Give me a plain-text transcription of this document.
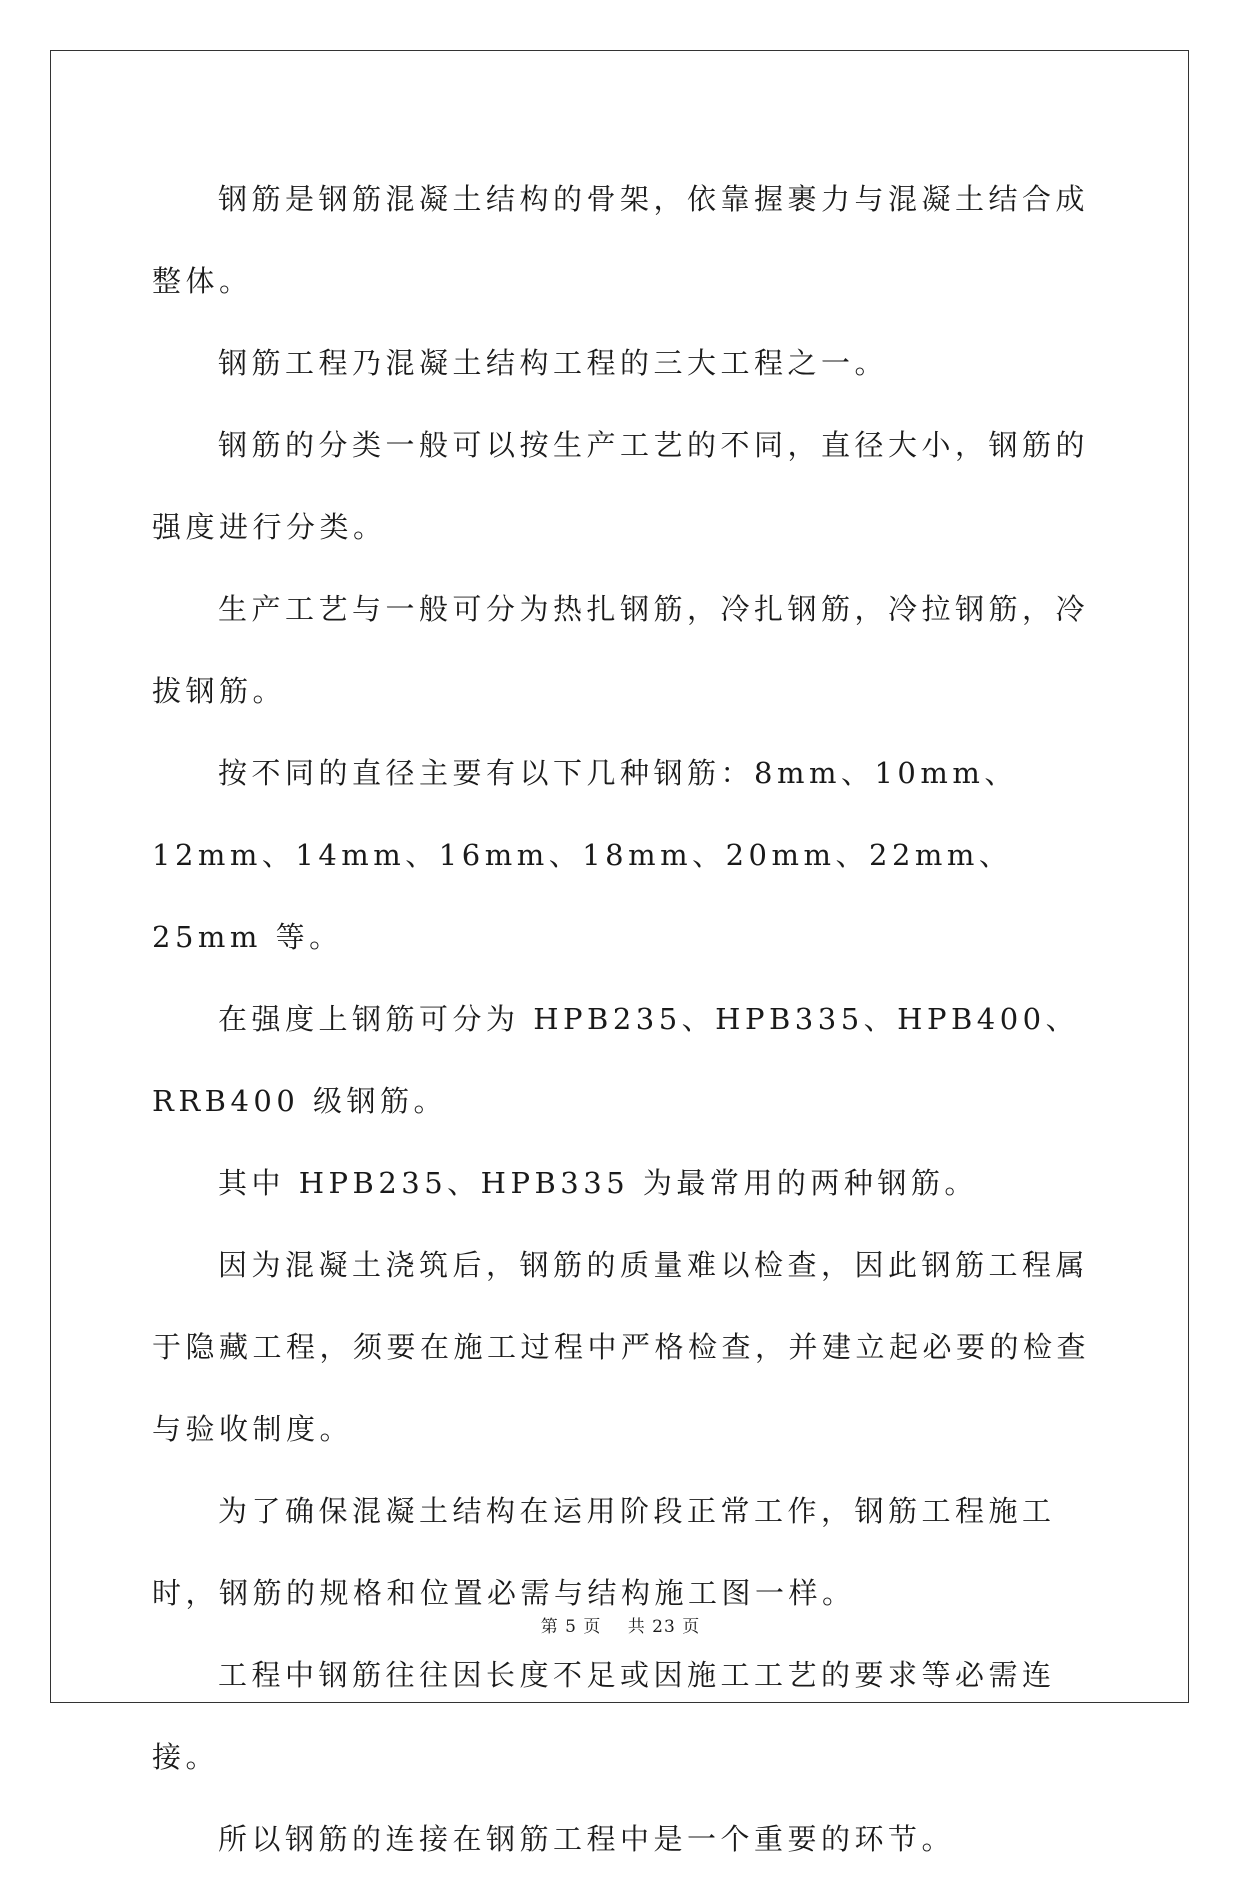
钢筋是钢筋混凝土结构的骨架，依靠握裹力与混凝土结合成整体。

钢筋工程乃混凝土结构工程的三大工程之一。

钢筋的分类一般可以按生产工艺的不同，直径大小，钢筋的强度进行分类。

生产工艺与一般可分为热扎钢筋，冷扎钢筋，冷拉钢筋，冷拔钢筋。

按不同的直径主要有以下几种钢筋：8mm、10mm、12mm、14mm、16mm、18mm、20mm、22mm、25mm 等。

在强度上钢筋可分为 HPB235、HPB335、HPB400、RRB400 级钢筋。

其中 HPB235、HPB335 为最常用的两种钢筋。

因为混凝土浇筑后，钢筋的质量难以检查，因此钢筋工程属于隐藏工程，须要在施工过程中严格检查，并建立起必要的检查与验收制度。

为了确保混凝土结构在运用阶段正常工作，钢筋工程施工时，钢筋的规格和位置必需与结构施工图一样。

工程中钢筋往往因长度不足或因施工工艺的要求等必需连接。

所以钢筋的连接在钢筋工程中是一个重要的环节。

第 5 页 共 23 页
